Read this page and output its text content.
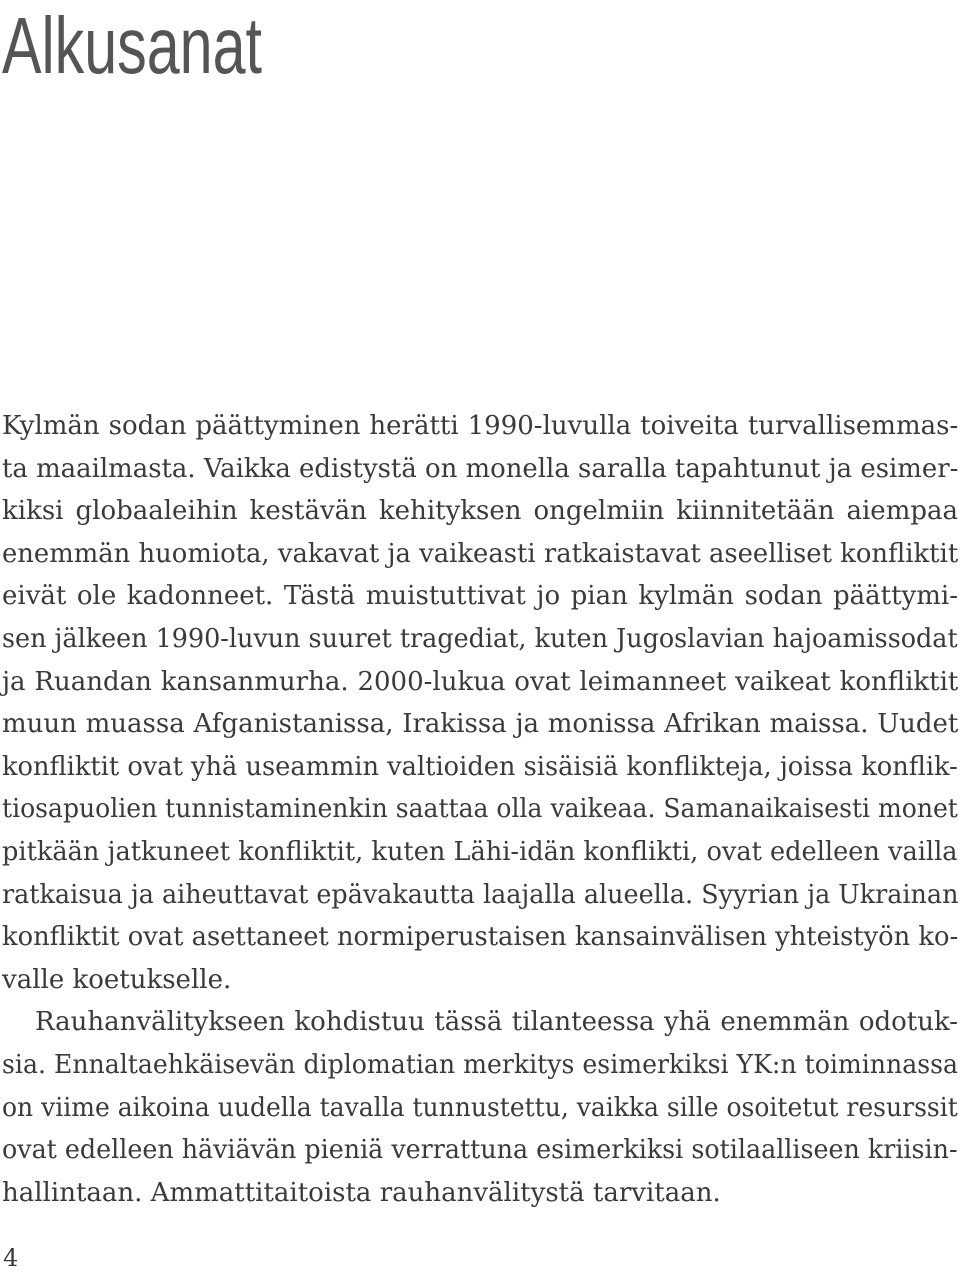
Alkusanat
Kylmän sodan päättyminen herätti 1990-luvulla toiveita turvallisemmas-
ta maailmasta. Vaikka edistystä on monella saralla tapahtunut ja esimer-
kiksi globaaleihin kestävän kehityksen ongelmiin kiinnitetään aiempaa
enemmän huomiota, vakavat ja vaikeasti ratkaistavat aseelliset konfliktit
eivät ole kadonneet. Tästä muistuttivat jo pian kylmän sodan päättymi-
sen jälkeen 1990-luvun suuret tragediat, kuten Jugoslavian hajoamissodat
ja Ruandan kansanmurha. 2000-lukua ovat leimanneet vaikeat konfliktit
muun muassa Afganistanissa, Irakissa ja monissa Afrikan maissa. Uudet
konfliktit ovat yhä useammin valtioiden sisäisiä konflikteja, joissa konflik-
tiosapuolien tunnistaminenkin saattaa olla vaikeaa. Samanaikaisesti monet
pitkään jatkuneet konfliktit, kuten Lähi-idän konflikti, ovat edelleen vailla
ratkaisua ja aiheuttavat epävakautta laajalla alueella. Syyrian ja Ukrainan
konfliktit ovat asettaneet normiperustaisen kansainvälisen yhteistyön ko-
valle koetukselle.
Rauhanvälitykseen kohdistuu tässä tilanteessa yhä enemmän odotuk-
sia. Ennaltaehkäisevän diplomatian merkitys esimerkiksi YK:n toiminnassa
on viime aikoina uudella tavalla tunnustettu, vaikka sille osoitetut resurssit
ovat edelleen häviävän pieniä verrattuna esimerkiksi sotilaalliseen kriisin-
hallintaan. Ammattitaitoista rauhanvälitystä tarvitaan.
4
